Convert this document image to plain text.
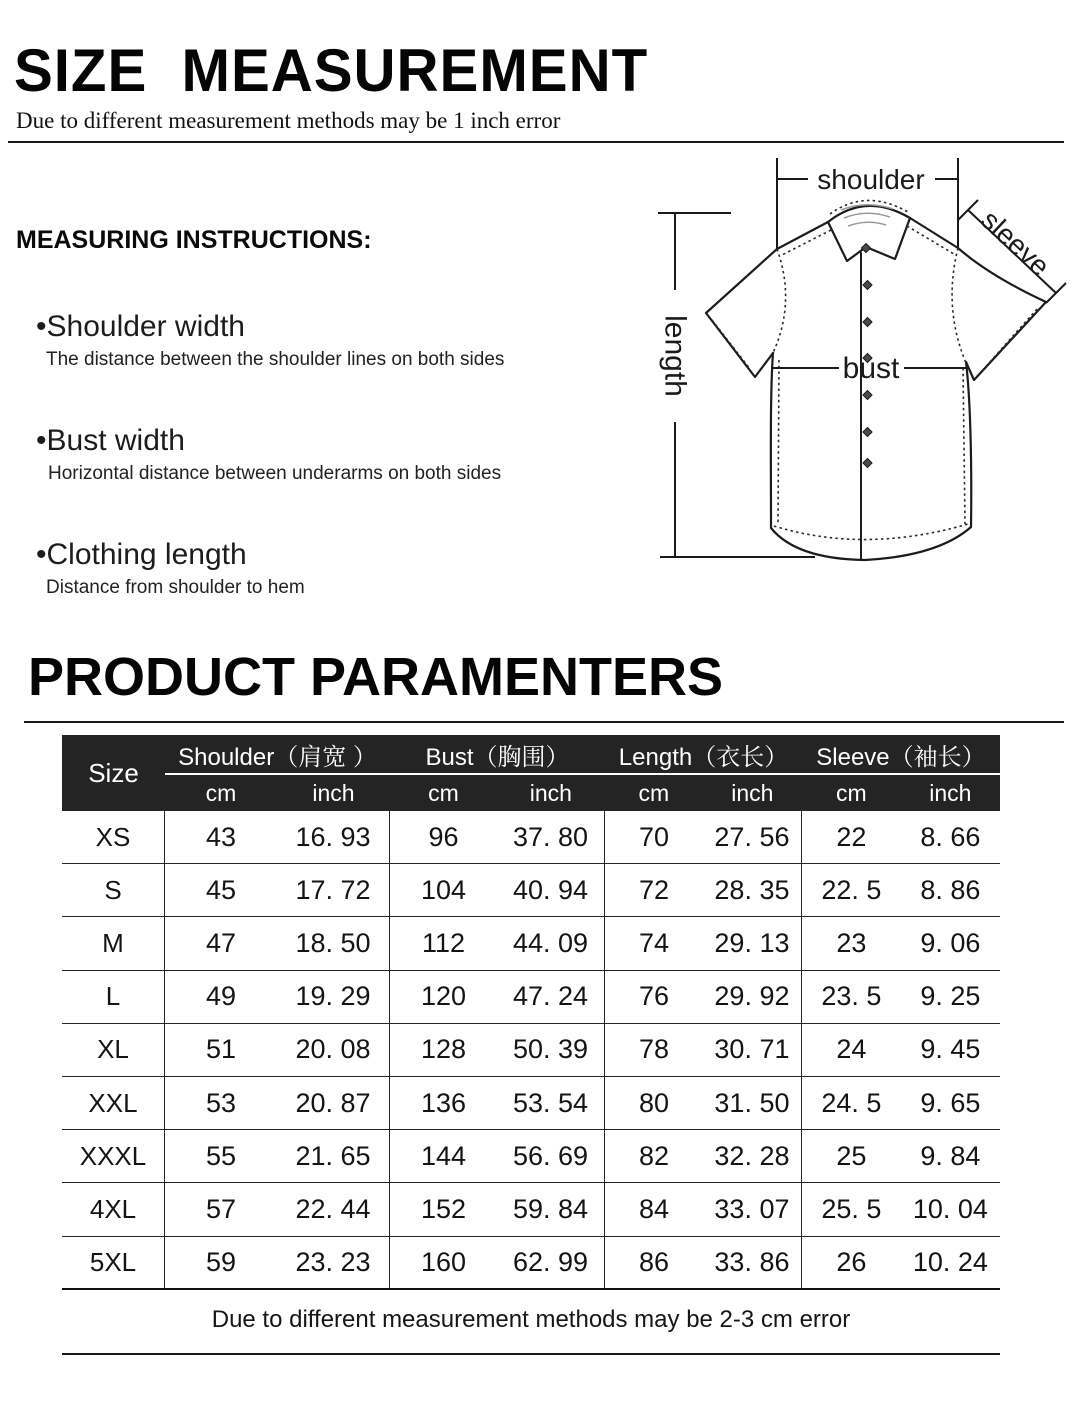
SIZE  MEASUREMENT
Due to different measurement methods may be 1 inch error
MEASURING INSTRUCTIONS:
•Shoulder width
The distance between the shoulder lines on both sides
•Bust width
Horizontal distance between underarms on both sides
•Clothing length
Distance from shoulder to hem
shoulder
length	bust
sleeve
PRODUCT PARAMENTERS
Size
Shoulder（肩宽 ）	Bust（胸围）	Length（衣长）	Sleeve（袖长）
cm	inch	cm	inch	cm	inch	cm	inch
XS	43	16. 93	96	37. 80	70	27. 56	22	8. 66
S	45	17. 72	104	40. 94	72	28. 35	22. 5	8. 86
M	47	18. 50	112	44. 09	74	29. 13	23	9. 06
L	49	19. 29	120	47. 24	76	29. 92	23. 5	9. 25
XL	51	20. 08	128	50. 39	78	30. 71	24	9. 45
XXL	53	20. 87	136	53. 54	80	31. 50	24. 5	9. 65
XXXL	55	21. 65	144	56. 69	82	32. 28	25	9. 84
4XL	57	22. 44	152	59. 84	84	33. 07	25. 5	10. 04
5XL	59	23. 23	160	62. 99	86	33. 86	26	10. 24
Due to different measurement methods may be 2-3 cm error
